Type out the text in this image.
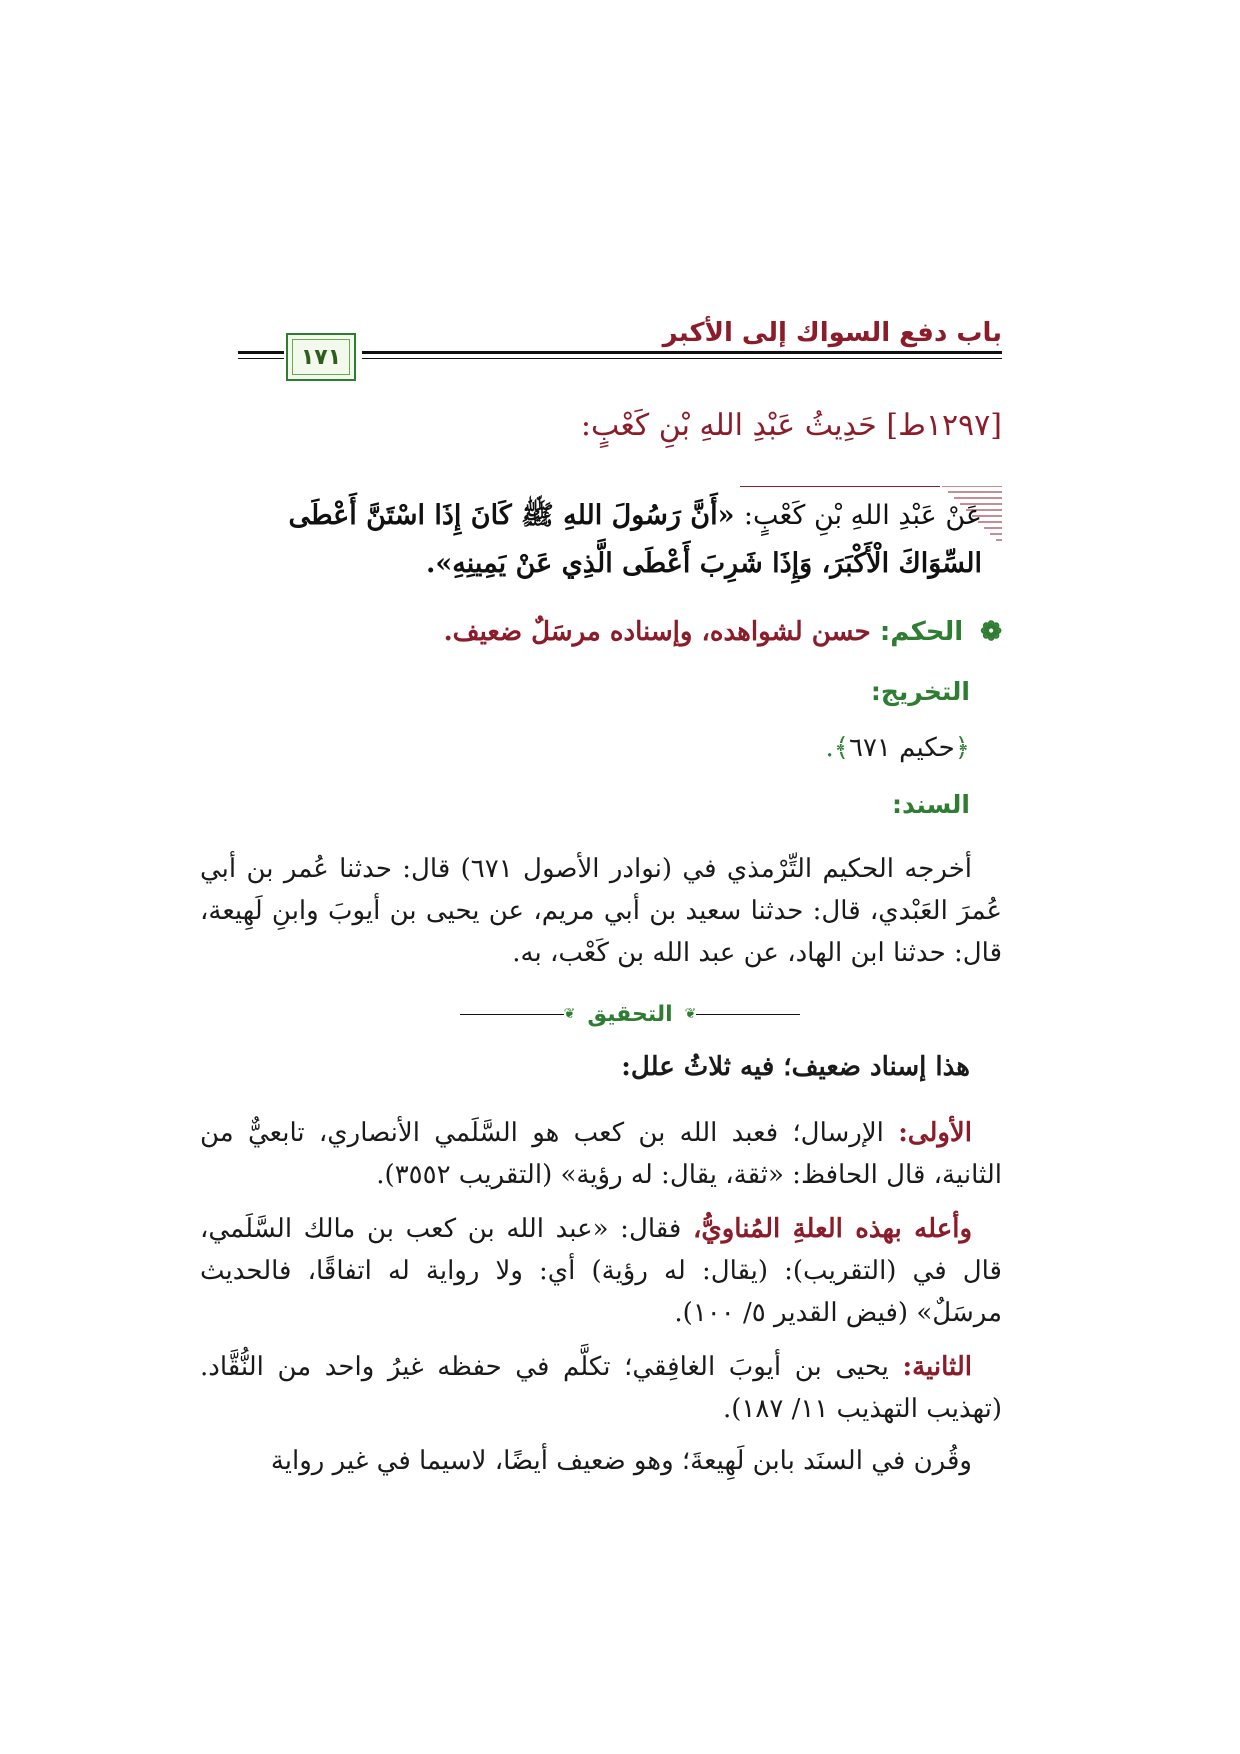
باب دفع السواك إلى الأكبر
١٧١
[١٢٩٧ط] حَدِيثُ عَبْدِ اللهِ بْنِ كَعْبٍ:
عَنْ عَبْدِ اللهِ بْنِ كَعْبٍ: «أَنَّ رَسُولَ اللهِ ﷺ كَانَ إِذَا اسْتَنَّ أَعْطَى السِّوَاكَ الْأَكْبَرَ، وَإِذَا شَرِبَ أَعْطَى الَّذِي عَنْ يَمِينِهِ».
❁ الحكم: حسن لشواهده، وإسناده مرسَلٌ ضعيف.
التخريج:
﴿حكيم ٦٧١﴾.
السند:
أخرجه الحكيم التِّرْمذي في (نوادر الأصول ٦٧١) قال: حدثنا عُمر بن أبي عُمرَ العَبْدي، قال: حدثنا سعيد بن أبي مريم، عن يحيى بن أيوبَ وابنِ لَهِيعة، قال: حدثنا ابن الهاد، عن عبد الله بن كَعْب، به.
❦ التحقيق ❦
هذا إسناد ضعيف؛ فيه ثلاثُ علل:
الأولى: الإرسال؛ فعبد الله بن كعب هو السَّلَمي الأنصاري، تابعيٌّ من الثانية، قال الحافظ: «ثقة، يقال: له رؤية» (التقريب ٣٥٥٢).
وأعله بهذه العلةِ المُناويُّ، فقال: «عبد الله بن كعب بن مالك السَّلَمي، قال في (التقريب): (يقال: له رؤية) أي: ولا رواية له اتفاقًا، فالحديث مرسَلٌ» (فيض القدير ٥/ ١٠٠).
الثانية: يحيى بن أيوبَ الغافِقي؛ تكلَّم في حفظه غيرُ واحد من النُّقَّاد. (تهذيب التهذيب ١١/ ١٨٧).
وقُرن في السنَد بابن لَهِيعةَ؛ وهو ضعيف أيضًا، لاسيما في غير رواية
